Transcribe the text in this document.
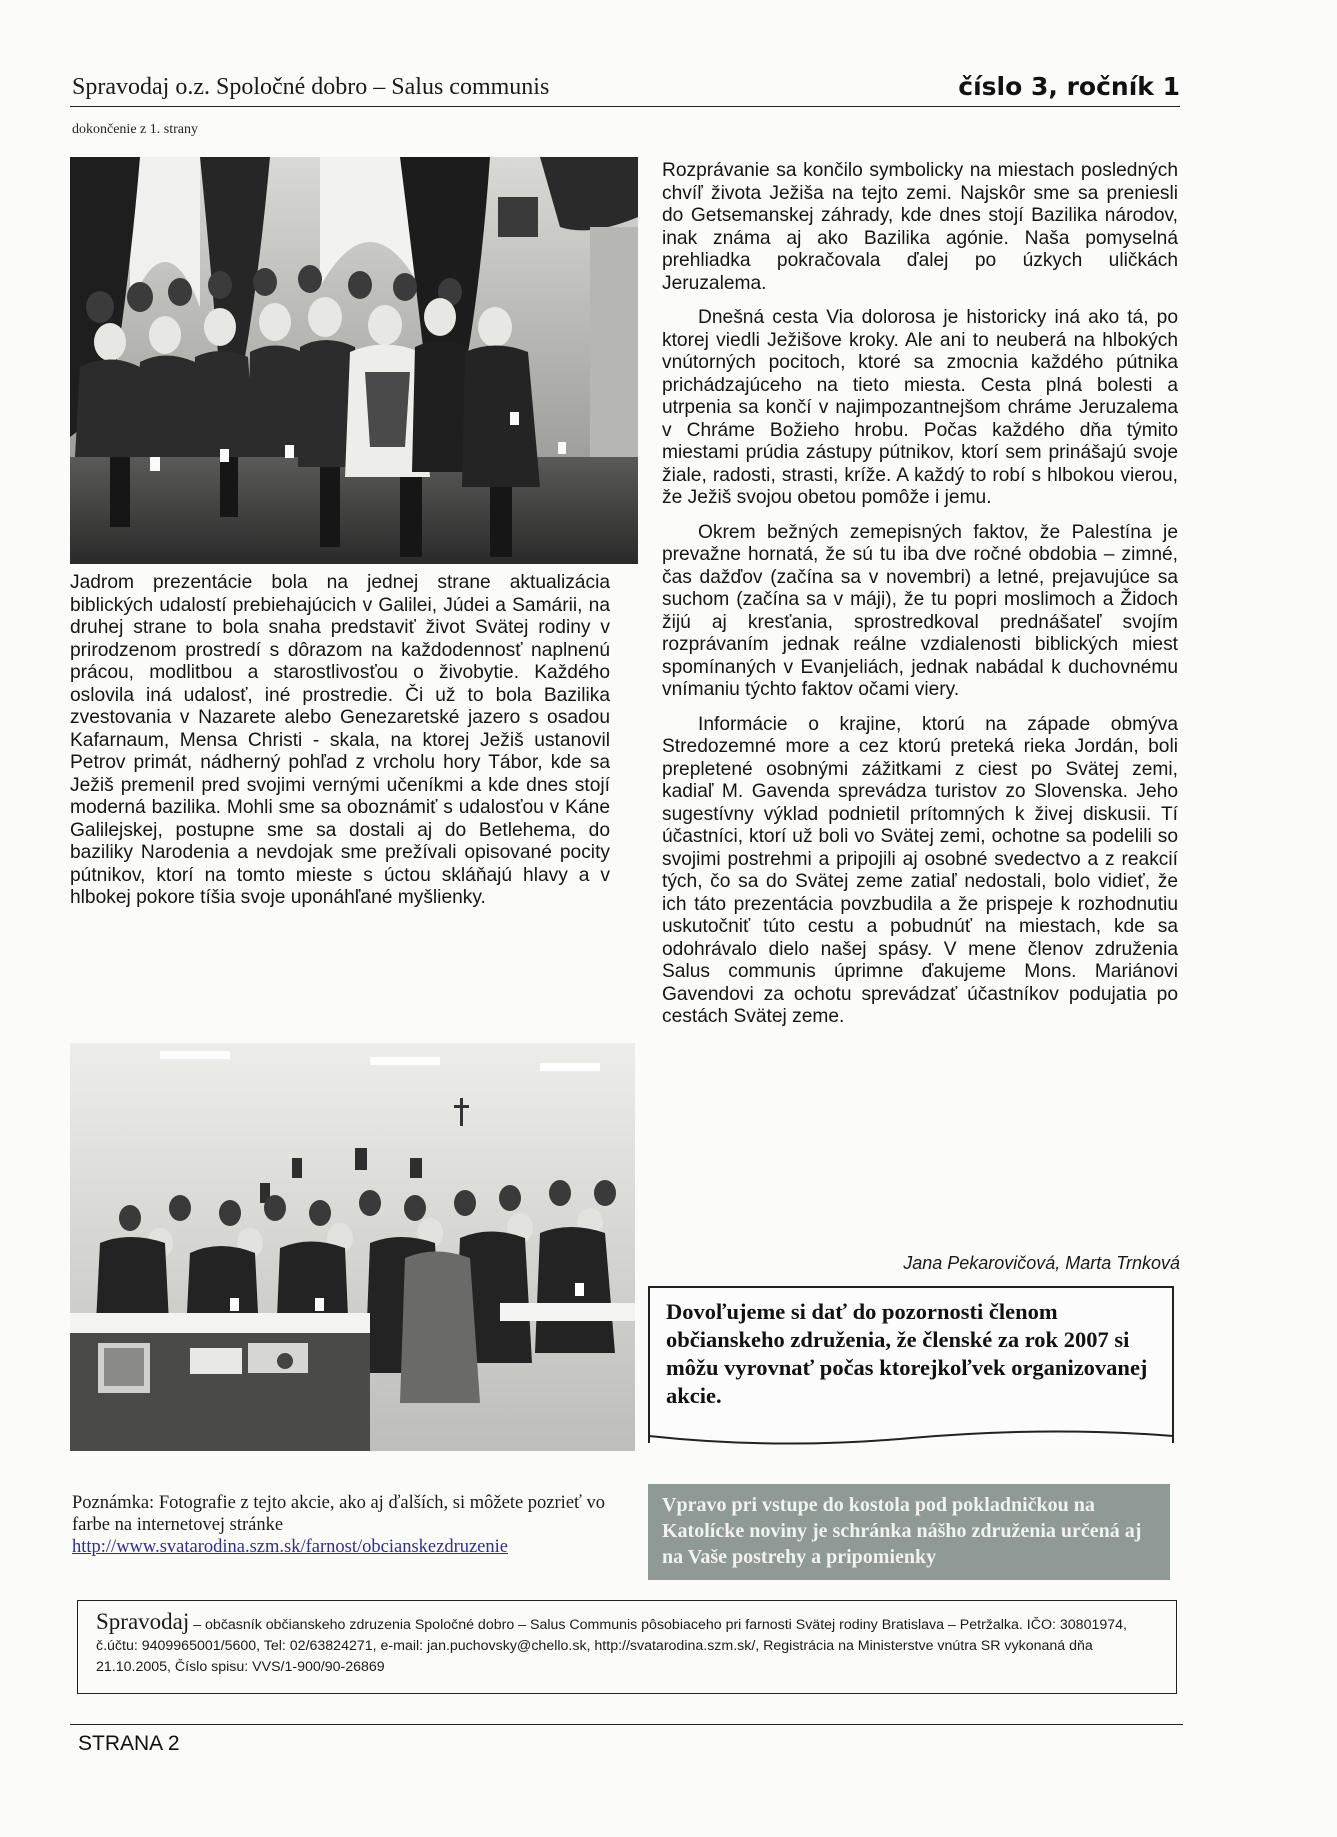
Spravodaj o.z. Spoločné dobro – Salus communis	číslo 3, ročník 1
dokončenie z 1. strany

Jadrom prezentácie bola na jednej strane aktualizácia biblických udalostí prebiehajúcich v Galilei, Júdei a Samárii, na druhej strane to bola snaha predstaviť život Svätej rodiny v prirodzenom prostredí s dôrazom na každodennosť naplnenú prácou, modlitbou a starostlivosťou o živobytie. Každého oslovila iná udalosť, iné prostredie. Či už to bola Bazilika zvestovania v Nazarete alebo Genezaretské jazero s osadou Kafarnaum, Mensa Christi - skala, na ktorej Ježiš ustanovil Petrov primát, nádherný pohľad z vrcholu hory Tábor, kde sa Ježiš premenil pred svojimi vernými učeníkmi a kde dnes stojí moderná bazilika. Mohli sme sa oboznámiť s udalosťou v Káne Galilejskej, postupne sme sa dostali aj do Betlehema, do baziliky Narodenia a nevdojak sme prežívali opisované pocity pútnikov, ktorí na tomto mieste s úctou skláňajú hlavy a v hlbokej pokore tíšia svoje uponáhľané myšlienky.

Rozprávanie sa končilo symbolicky na miestach posledných chvíľ života Ježiša na tejto zemi. Najskôr sme sa preniesli do Getsemanskej záhrady, kde dnes stojí Bazilika národov, inak známa aj ako Bazilika agónie. Naša pomyselná prehliadka pokračovala ďalej po úzkych uličkách Jeruzalema.

Dnešná cesta Via dolorosa je historicky iná ako tá, po ktorej viedli Ježišove kroky. Ale ani to neuberá na hlbokých vnútorných pocitoch, ktoré sa zmocnia každého pútnika prichádzajúceho na tieto miesta. Cesta plná bolesti a utrpenia sa končí v najimpozantnejšom chráme Jeruzalema v Chráme Božieho hrobu. Počas každého dňa týmito miestami prúdia zástupy pútnikov, ktorí sem prinášajú svoje žiale, radosti, strasti, kríže. A každý to robí s hlbokou vierou, že Ježiš svojou obetou pomôže i jemu.

Okrem bežných zemepisných faktov, že Palestína je prevažne hornatá, že sú tu iba dve ročné obdobia – zimné, čas dažďov (začína sa v novembri) a letné, prejavujúce sa suchom (začína sa v máji), že tu popri moslimoch a Židoch žijú aj kresťania, sprostredkoval prednášateľ svojím rozprávaním jednak reálne vzdialenosti biblických miest spomínaných v Evanjeliách, jednak nabádal k duchovnému vnímaniu týchto faktov očami viery.

Informácie o krajine, ktorú na západe obmýva Stredozemné more a cez ktorú preteká rieka Jordán, boli prepletené osobnými zážitkami z ciest po Svätej zemi, kadiaľ M. Gavenda sprevádza turistov zo Slovenska. Jeho sugestívny výklad podnietil prítomných k živej diskusii. Tí účastníci, ktorí už boli vo Svätej zemi, ochotne sa podelili so svojimi postrehmi a pripojili aj osobné svedectvo a z reakcií tých, čo sa do Svätej zeme zatiaľ nedostali, bolo vidieť, že ich táto prezentácia povzbudila a že prispeje k rozhodnutiu uskutočniť túto cestu a pobudnúť na miestach, kde sa odohrávalo dielo našej spásy. V mene členov združenia Salus communis úprimne ďakujeme Mons. Mariánovi Gavendovi za ochotu sprevádzať účastníkov podujatia po cestách Svätej zeme.

Jana Pekarovičová, Marta Trnková
Dovoľujeme si dať do pozornosti členom občianskeho združenia, že členské za rok 2007 si môžu vyrovnať počas ktorejkoľvek organizovanej akcie.
Poznámka: Fotografie z tejto akcie, ako aj ďalších, si môžete pozrieť vo farbe na internetovej stránke
http://www.svatarodina.szm.sk/farnost/obcianskezdruzenie
Vpravo pri vstupe do kostola pod pokladničkou na Katolícke noviny je schránka nášho združenia určená aj na Vaše postrehy a pripomienky
Spravodaj – občasník občianskeho zdruzenia Spoločné dobro – Salus Communis pôsobiaceho pri farnosti Svätej rodiny Bratislava – Petržalka. IČO: 30801974, č.účtu: 9409965001/5600, Tel: 02/63824271, e-mail: jan.puchovsky@chello.sk, http://svatarodina.szm.sk/, Registrácia na Ministerstve vnútra SR vykonaná dňa 21.10.2005, Číslo spisu: VVS/1-900/90-26869
STRANA 2
